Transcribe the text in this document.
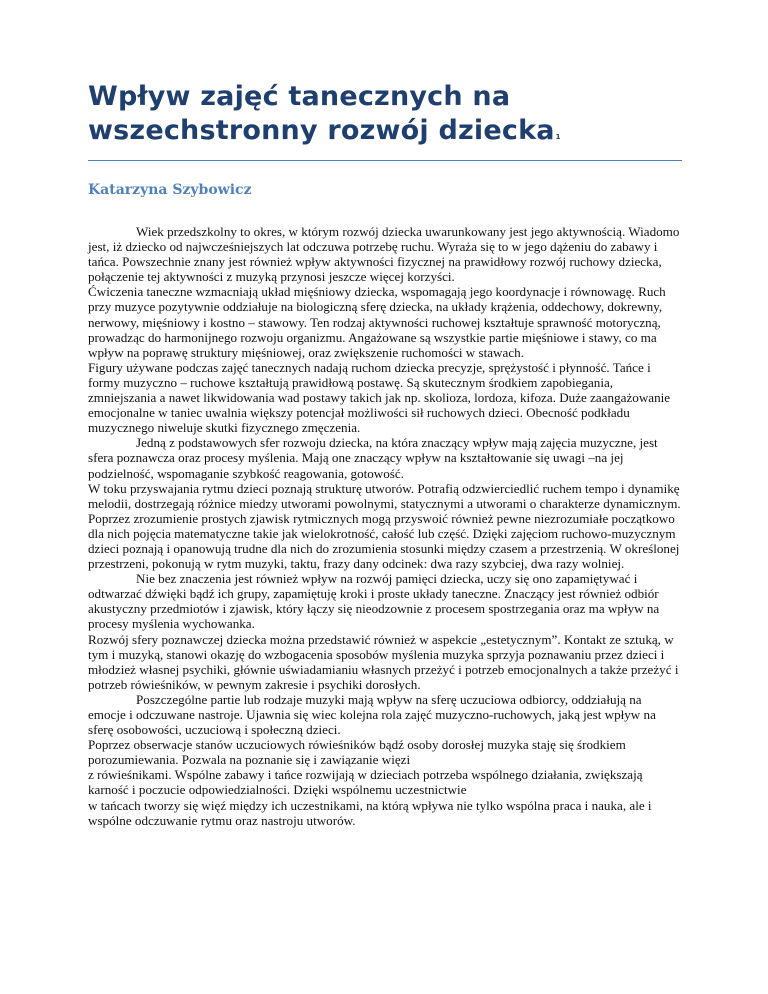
Wpływ zajęć tanecznych na
wszechstronny rozwój dziecka1
Katarzyna Szybowicz

Wiek przedszkolny to okres, w którym rozwój dziecka uwarunkowany jest jego aktywnością. Wiadomo jest, iż dziecko od najwcześniejszych lat odczuwa potrzebę ruchu. Wyraża się to w jego dążeniu do zabawy i tańca. Powszechnie znany jest również wpływ aktywności fizycznej na prawidłowy rozwój ruchowy dziecka, połączenie tej aktywności z muzyką przynosi jeszcze więcej korzyści.

Ćwiczenia taneczne wzmacniają układ mięśniowy dziecka, wspomagają jego koordynacje i równowagę. Ruch przy muzyce pozytywnie oddziałuje na biologiczną sferę dziecka, na układy krążenia, oddechowy, dokrewny, nerwowy, mięśniowy i kostno – stawowy. Ten rodzaj aktywności ruchowej kształtuje sprawność motoryczną, prowadząc do harmonijnego rozwoju organizmu. Angażowane są wszystkie partie mięśniowe i stawy, co ma wpływ na poprawę struktury mięśniowej, oraz zwiększenie ruchomości w stawach.

Figury używane podczas zajęć tanecznych nadają ruchom dziecka precyzje, sprężystość i płynność. Tańce i formy muzyczno – ruchowe kształtują prawidłową postawę. Są skutecznym środkiem zapobiegania, zmniejszania a nawet likwidowania wad postawy takich jak np. skolioza, lordoza, kifoza. Duże zaangażowanie emocjonalne w taniec uwalnia większy potencjał możliwości sił ruchowych dzieci. Obecność podkładu muzycznego niweluje skutki fizycznego zmęczenia.

Jedną z podstawowych sfer rozwoju dziecka, na która znaczący wpływ mają zajęcia muzyczne, jest sfera poznawcza oraz procesy myślenia. Mają one znaczący wpływ na kształtowanie się uwagi –na jej podzielność, wspomaganie szybkość reagowania, gotowość.

W toku przyswajania rytmu dzieci poznają strukturę utworów. Potrafią odzwierciedlić ruchem tempo i dynamikę melodii, dostrzegają różnice miedzy utworami powolnymi, statycznymi a utworami o charakterze dynamicznym. Poprzez zrozumienie prostych zjawisk rytmicznych mogą przyswoić również pewne niezrozumiałe początkowo dla nich pojęcia matematyczne takie jak wielokrotność, całość lub część. Dzięki zajęciom ruchowo-muzycznym dzieci poznają i opanowują trudne dla nich do zrozumienia stosunki między czasem a przestrzenią. W określonej przestrzeni, pokonują w rytm muzyki, taktu, frazy dany odcinek: dwa razy szybciej, dwa razy wolniej.

Nie bez znaczenia jest również wpływ na rozwój pamięci dziecka, uczy się ono zapamiętywać i odtwarzać dźwięki bądź ich grupy, zapamiętuję kroki i proste układy taneczne. Znaczący jest również odbiór akustyczny przedmiotów i zjawisk, który łączy się nieodzownie z procesem spostrzegania oraz ma wpływ na procesy myślenia wychowanka.

Rozwój sfery poznawczej dziecka można przedstawić również w aspekcie „estetycznym”. Kontakt ze sztuką, w tym i muzyką, stanowi okazję do wzbogacenia sposobów myślenia muzyka sprzyja poznawaniu przez dzieci i młodzież własnej psychiki, głównie uświadamianiu własnych przeżyć i potrzeb emocjonalnych a także przeżyć i potrzeb rówieśników, w pewnym zakresie i psychiki dorosłych.

Poszczególne partie lub rodzaje muzyki mają wpływ na sferę uczuciowa odbiorcy, oddziałują na emocje i odczuwane nastroje. Ujawnia się wiec kolejna rola zajęć muzyczno-ruchowych, jaką jest wpływ na sferę osobowości, uczuciową i społeczną dzieci.

Poprzez obserwacje stanów uczuciowych rówieśników bądź osoby dorosłej muzyka staję się środkiem porozumiewania. Pozwala na poznanie się i zawiązanie więzi

z rówieśnikami. Wspólne zabawy i tańce rozwijają w dzieciach potrzeba wspólnego działania, zwiększają karność i poczucie odpowiedzialności. Dzięki wspólnemu uczestnictwie

w tańcach tworzy się więź między ich uczestnikami, na którą wpływa nie tylko wspólna praca i nauka, ale i wspólne odczuwanie rytmu oraz nastroju utworów.
